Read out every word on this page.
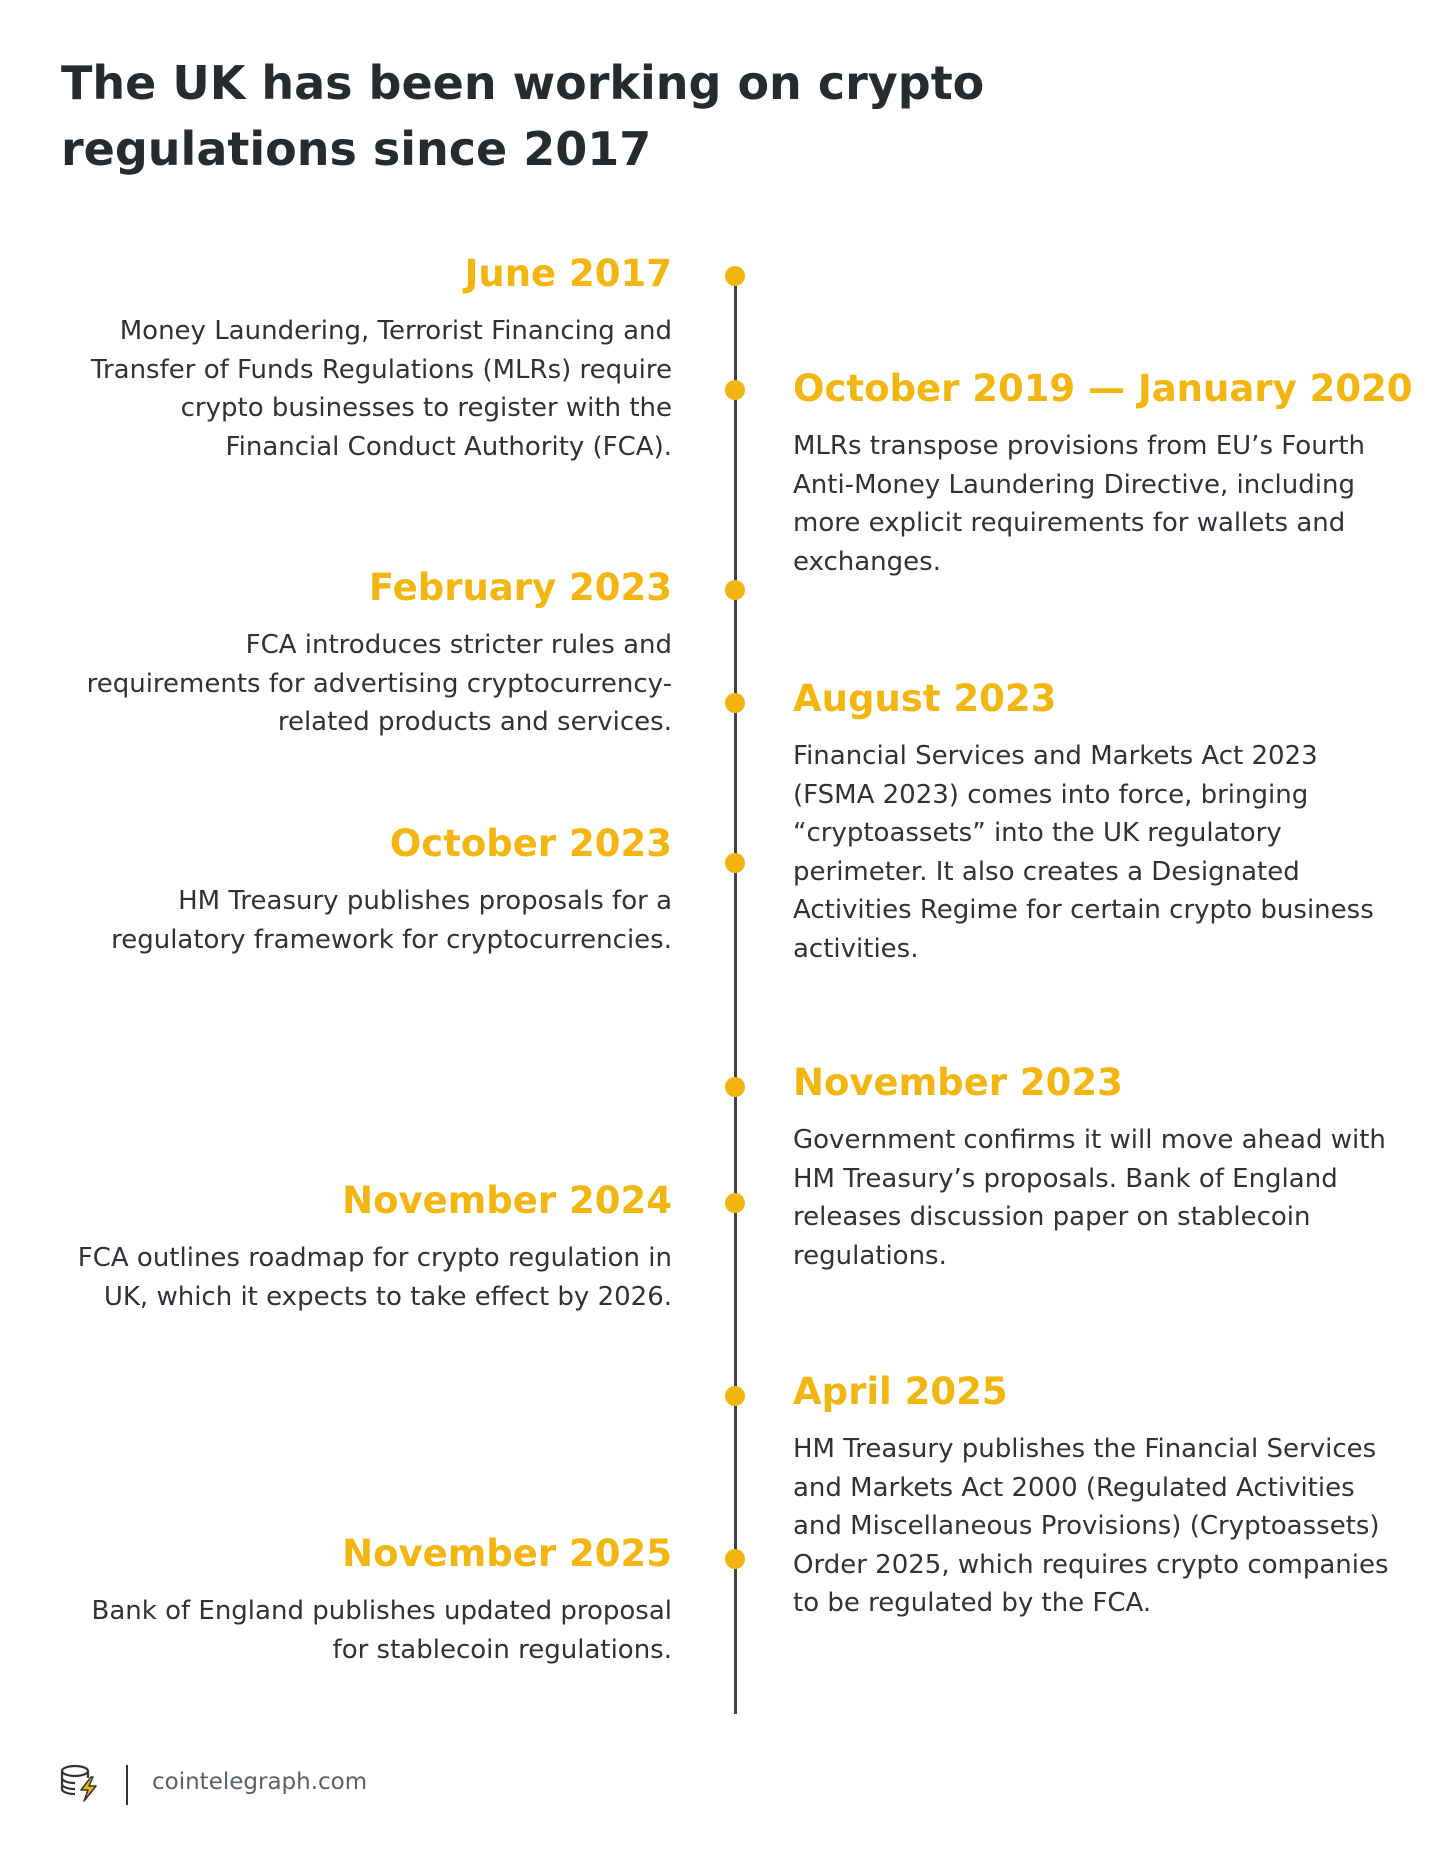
The UK has been working on crypto regulations since 2017
June 2017

Money Laundering, Terrorist Financing and Transfer of Funds Regulations (MLRs) require crypto businesses to register with the Financial Conduct Authority (FCA).

October 2019 — January 2020

MLRs transpose provisions from EU’s Fourth Anti-Money Laundering Directive, including more explicit requirements for wallets and exchanges.

February 2023

FCA introduces stricter rules and requirements for advertising cryptocurrency-related products and services.

August 2023

Financial Services and Markets Act 2023 (FSMA 2023) comes into force, bringing “cryptoassets” into the UK regulatory perimeter. It also creates a Designated Activities Regime for certain crypto business activities.

October 2023

HM Treasury publishes proposals for a regulatory framework for cryptocurrencies.

November 2023

Government confirms it will move ahead with HM Treasury’s proposals. Bank of England releases discussion paper on stablecoin regulations.

November 2024

FCA outlines roadmap for crypto regulation in UK, which it expects to take effect by 2026.

April 2025

HM Treasury publishes the Financial Services and Markets Act 2000 (Regulated Activities and Miscellaneous Provisions) (Cryptoassets) Order 2025, which requires crypto companies to be regulated by the FCA.

November 2025

Bank of England publishes updated proposal for stablecoin regulations.

cointelegraph.com
